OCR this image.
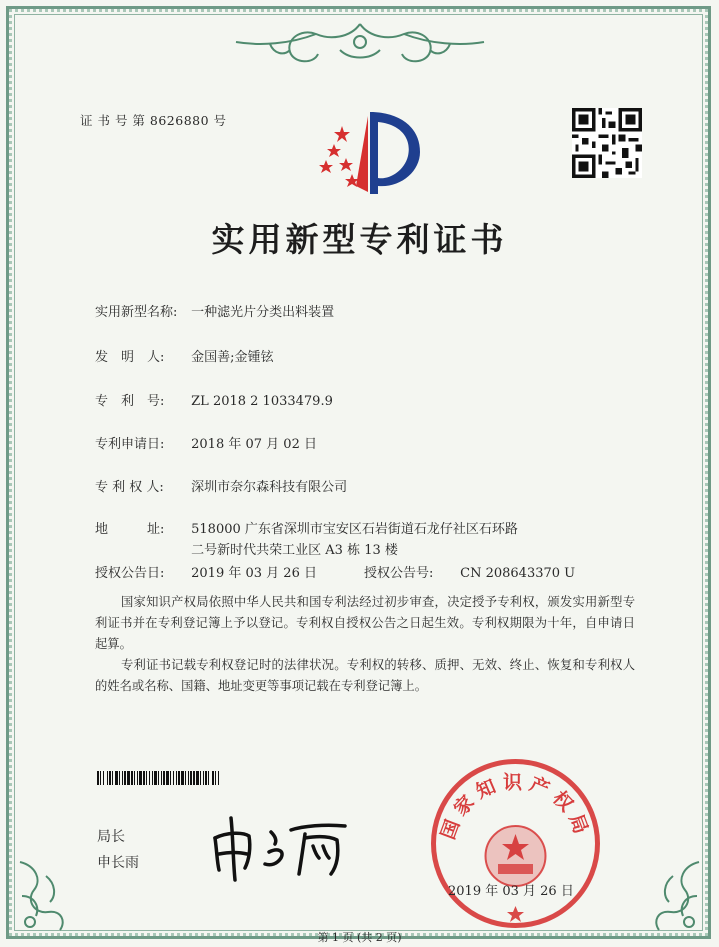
证 书 号 第 8626880 号
实用新型专利证书
实用新型名称: 一种滤光片分类出料装置
发　明　人: 金国善;金锺铉
专　利　号: ZL 2018 2 1033479.9
专利申请日: 2018 年 07 月 02 日
专 利 权 人: 深圳市奈尔森科技有限公司
地　　　址: 518000 广东省深圳市宝安区石岩街道石龙仔社区石环路
二号新时代共荣工业区 A3 栋 13 楼
授权公告日: 2019 年 03 月 26 日	授权公告号: CN 208643370 U
国家知识产权局依照中华人民共和国专利法经过初步审查，决定授予专利权，颁发实用新型专利证书并在专利登记簿上予以登记。专利权自授权公告之日起生效。专利权期限为十年，自申请日起算。
专利证书记载专利权登记时的法律状况。专利权的转移、质押、无效、终止、恢复和专利权人的姓名或名称、国籍、地址变更等事项记载在专利登记簿上。
局长
申长雨
国家知识产权局
2019 年 03 月 26 日
第 1 页 (共 2 页)
